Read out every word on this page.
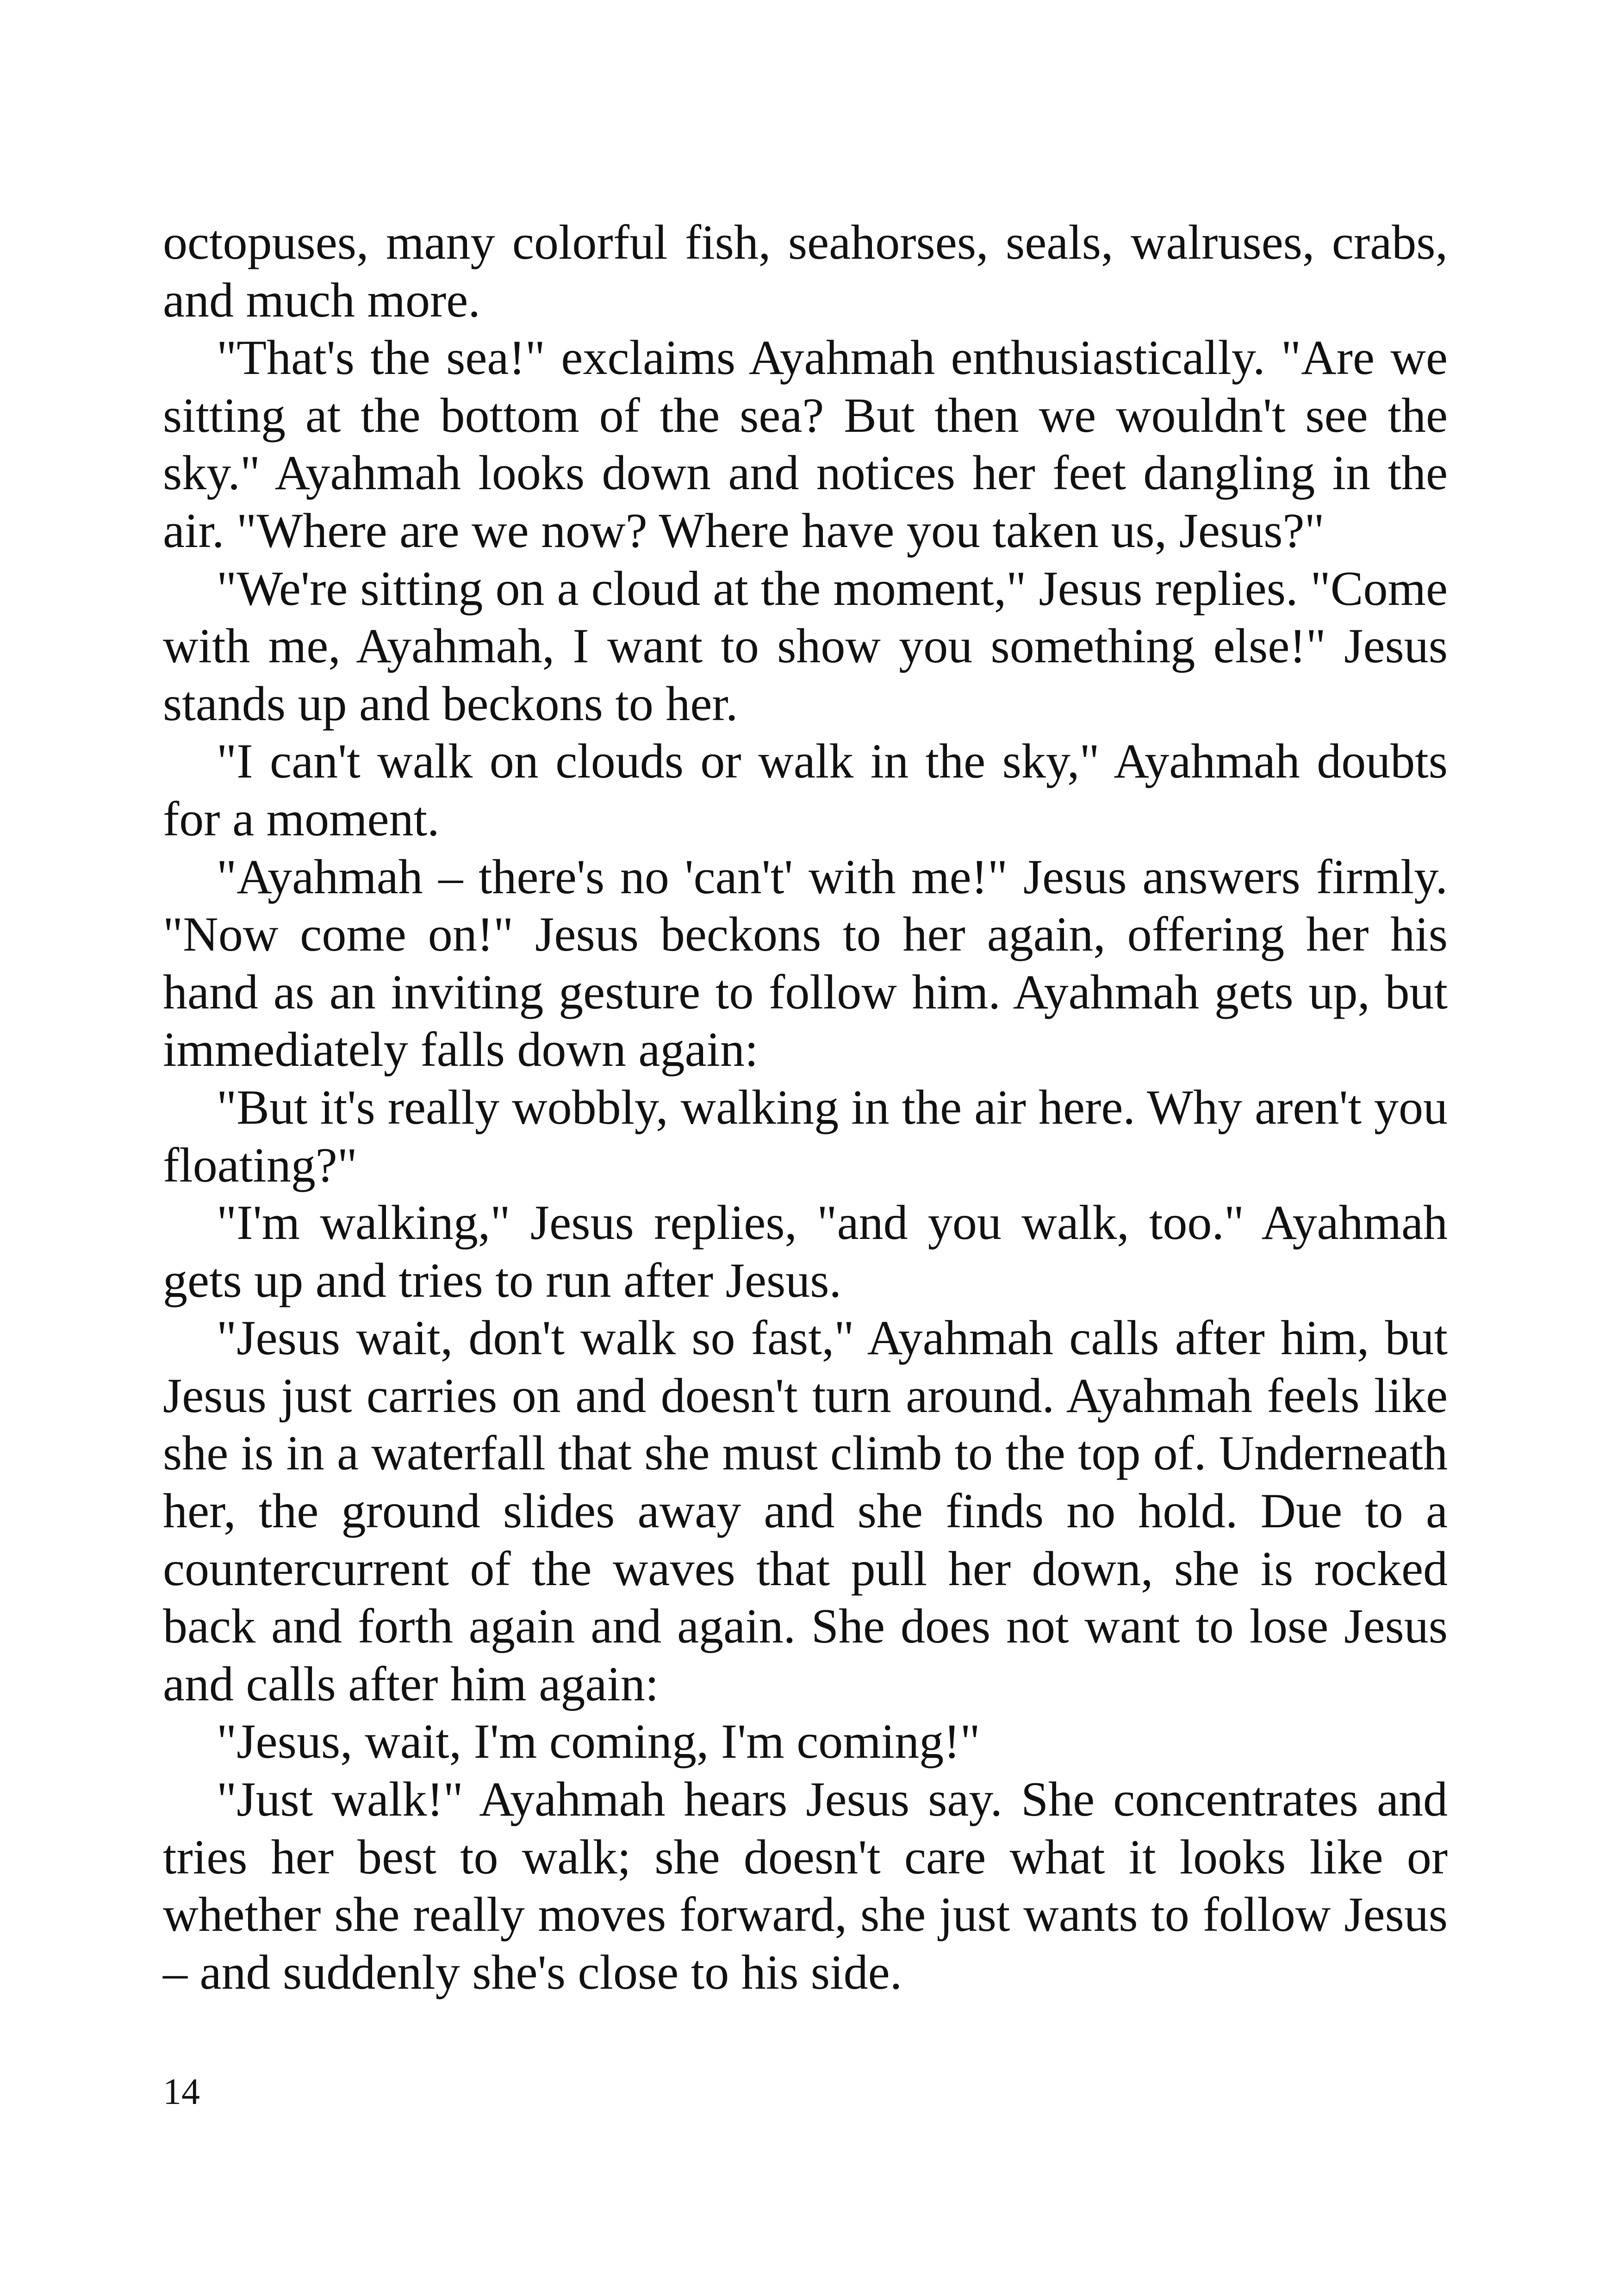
octopuses, many colorful fish, seahorses, seals, walruses, crabs, and much more.

"That's the sea!" exclaims Ayahmah enthusiastically. "Are we sitting at the bottom of the sea? But then we wouldn't see the sky." Ayahmah looks down and notices her feet dangling in the air. "Where are we now? Where have you taken us, Jesus?"

"We're sitting on a cloud at the moment," Jesus replies. "Come with me, Ayahmah, I want to show you something else!" Jesus stands up and beckons to her.

"I can't walk on clouds or walk in the sky," Ayahmah doubts for a moment.

"Ayahmah – there's no 'can't' with me!" Jesus answers firmly. "Now come on!" Jesus beckons to her again, offering her his hand as an inviting gesture to follow him. Ayahmah gets up, but immediately falls down again:

"But it's really wobbly, walking in the air here. Why aren't you floating?"

"I'm walking," Jesus replies, "and you walk, too." Ayahmah gets up and tries to run after Jesus.

"Jesus wait, don't walk so fast," Ayahmah calls after him, but Jesus just carries on and doesn't turn around. Ayahmah feels like she is in a waterfall that she must climb to the top of. Underneath her, the ground slides away and she finds no hold. Due to a countercurrent of the waves that pull her down, she is rocked back and forth again and again. She does not want to lose Jesus and calls after him again:

"Jesus, wait, I'm coming, I'm coming!"

"Just walk!" Ayahmah hears Jesus say. She concentrates and tries her best to walk; she doesn't care what it looks like or whether she really moves forward, she just wants to follow Jesus – and suddenly she's close to his side.

14
